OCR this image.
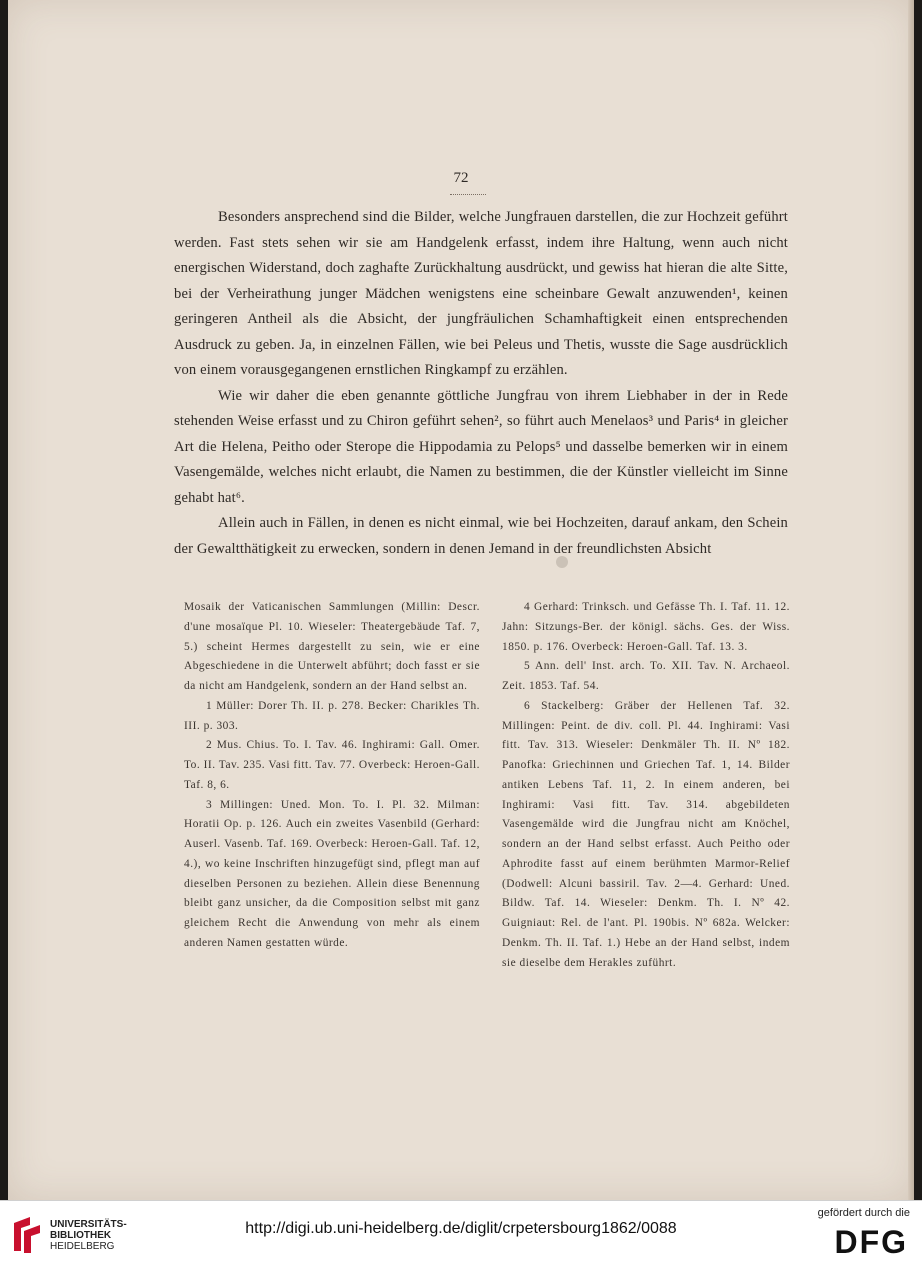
72

Besonders ansprechend sind die Bilder, welche Jungfrauen darstellen, die zur Hochzeit geführt werden. Fast stets sehen wir sie am Handgelenk erfasst, indem ihre Haltung, wenn auch nicht energischen Widerstand, doch zaghafte Zurückhaltung ausdrückt, und gewiss hat hieran die alte Sitte, bei der Verheirathung junger Mädchen wenigstens eine scheinbare Gewalt anzuwenden¹, keinen geringeren Antheil als die Absicht, der jungfräulichen Schamhaftigkeit einen entsprechenden Ausdruck zu geben. Ja, in einzelnen Fällen, wie bei Peleus und Thetis, wusste die Sage ausdrücklich von einem vorausgegangenen ernstlichen Ringkampf zu erzählen.

Wie wir daher die eben genannte göttliche Jungfrau von ihrem Liebhaber in der in Rede stehenden Weise erfasst und zu Chiron geführt sehen², so führt auch Menelaos³ und Paris⁴ in gleicher Art die Helena, Peitho oder Sterope die Hippodamia zu Pelops⁵ und dasselbe bemerken wir in einem Vasengemälde, welches nicht erlaubt, die Namen zu bestimmen, die der Künstler vielleicht im Sinne gehabt hat⁶.

Allein auch in Fällen, in denen es nicht einmal, wie bei Hochzeiten, darauf ankam, den Schein der Gewaltthätigkeit zu erwecken, sondern in denen Jemand in der freundlichsten Absicht

Mosaik der Vaticanischen Sammlungen (Millin: Descr. d'une mosaïque Pl. 10. Wieseler: Theatergebäude Taf. 7, 5.) scheint Hermes dargestellt zu sein, wie er eine Abgeschiedene in die Unterwelt abführt; doch fasst er sie da nicht am Handgelenk, sondern an der Hand selbst an.

1 Müller: Dorer Th. II. p. 278. Becker: Charikles Th. III. p. 303.

2 Mus. Chius. To. I. Tav. 46. Inghirami: Gall. Omer. To. II. Tav. 235. Vasi fitt. Tav. 77. Overbeck: Heroen-Gall. Taf. 8, 6.

3 Millingen: Uned. Mon. To. I. Pl. 32. Milman: Horatii Op. p. 126. Auch ein zweites Vasenbild (Gerhard: Auserl. Vasenb. Taf. 169. Overbeck: Heroen-Gall. Taf. 12, 4.), wo keine Inschriften hinzugefügt sind, pflegt man auf dieselben Personen zu beziehen. Allein diese Benennung bleibt ganz unsicher, da die Composition selbst mit ganz gleichem Recht die Anwendung von mehr als einem anderen Namen gestatten würde.

4 Gerhard: Trinksch. und Gefässe Th. I. Taf. 11. 12. Jahn: Sitzungs-Ber. der königl. sächs. Ges. der Wiss. 1850. p. 176. Overbeck: Heroen-Gall. Taf. 13. 3.

5 Ann. dell' Inst. arch. To. XII. Tav. N. Archaeol. Zeit. 1853. Taf. 54.

6 Stackelberg: Gräber der Hellenen Taf. 32. Millingen: Peint. de div. coll. Pl. 44. Inghirami: Vasi fitt. Tav. 313. Wieseler: Denkmäler Th. II. Nº 182. Panofka: Griechinnen und Griechen Taf. 1, 14. Bilder antiken Lebens Taf. 11, 2. In einem anderen, bei Inghirami: Vasi fitt. Tav. 314. abgebildeten Vasengemälde wird die Jungfrau nicht am Knöchel, sondern an der Hand selbst erfasst. Auch Peitho oder Aphrodite fasst auf einem berühmten Marmor-Relief (Dodwell: Alcuni bassiril. Tav. 2—4. Gerhard: Uned. Bildw. Taf. 14. Wieseler: Denkm. Th. I. Nº 42. Guigniaut: Rel. de l'ant. Pl. 190bis. Nº 682a. Welcker: Denkm. Th. II. Taf. 1.) Hebe an der Hand selbst, indem sie dieselbe dem Herakles zuführt.

UNIVERSITÄTS-
BIBLIOTHEK
HEIDELBERG
http://digi.ub.uni-heidelberg.de/diglit/crpetersbourg1862/0088
gefördert durch die
DFG
